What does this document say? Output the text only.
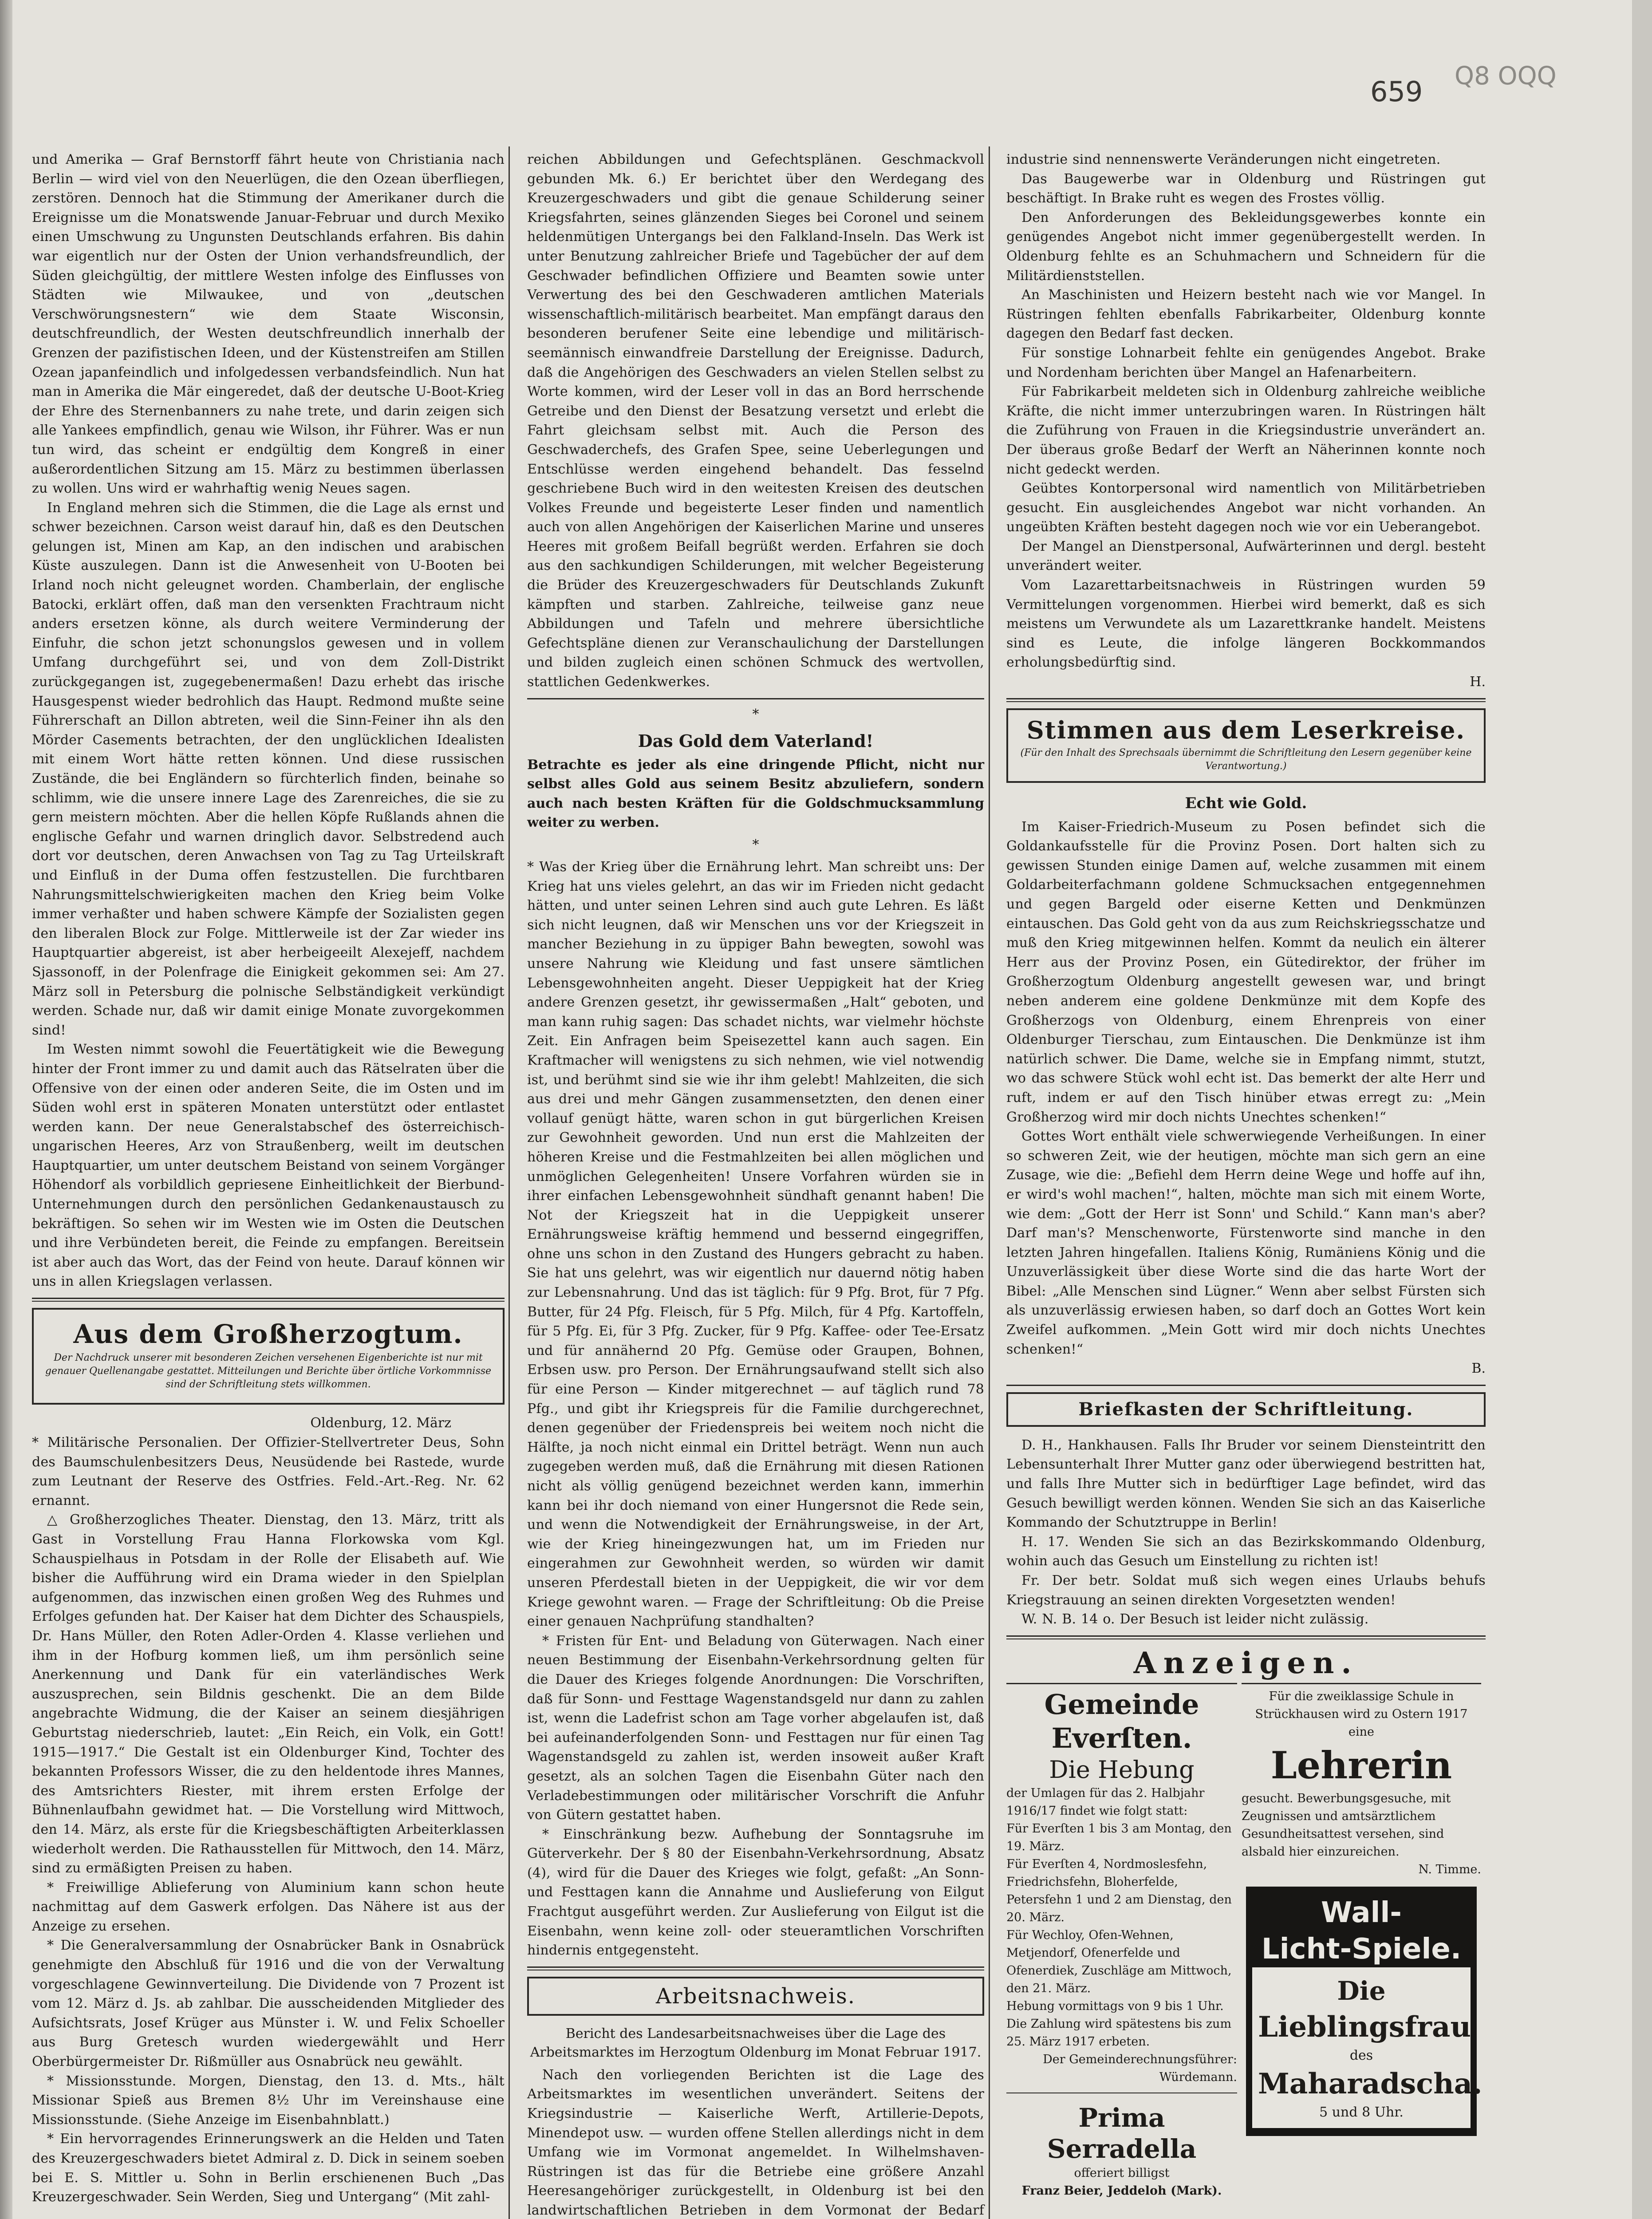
659 Q8 OQQ

und Amerika — Graf Bernstorff fährt heute von Christiania nach Berlin — wird viel von den Neuerlügen, die den Ozean überfliegen, zerstören. Dennoch hat die Stimmung der Amerikaner durch die Ereignisse um die Monatswende Januar-Februar und durch Mexiko einen Umschwung zu Ungunsten Deutschlands erfahren. Bis dahin war eigentlich nur der Osten der Union verhandsfreundlich, der Süden gleichgültig, der mittlere Westen infolge des Einflusses von Städten wie Milwaukee, und von „deutschen Verschwörungsnestern“ wie dem Staate Wisconsin, deutschfreundlich, der Westen deutschfreundlich innerhalb der Grenzen der pazifistischen Ideen, und der Küstenstreifen am Stillen Ozean japanfeindlich und infolgedessen verbandsfeindlich. Nun hat man in Amerika die Mär eingeredet, daß der deutsche U-Boot-Krieg der Ehre des Sternenbanners zu nahe trete, und darin zeigen sich alle Yankees empfindlich, genau wie Wilson, ihr Führer. Was er nun tun wird, das scheint er endgültig dem Kongreß in einer außerordentlichen Sitzung am 15. März zu bestimmen überlassen zu wollen. Uns wird er wahrhaftig wenig Neues sagen.

In England mehren sich die Stimmen, die die Lage als ernst und schwer bezeichnen. Carson weist darauf hin, daß es den Deutschen gelungen ist, Minen am Kap, an den indischen und arabischen Küste auszulegen. Dann ist die Anwesenheit von U-Booten bei Irland noch nicht geleugnet worden. Chamberlain, der englische Batocki, erklärt offen, daß man den versenkten Frachtraum nicht anders ersetzen könne, als durch weitere Verminderung der Einfuhr, die schon jetzt schonungslos gewesen und in vollem Umfang durchgeführt sei, und von dem Zoll-Distrikt zurückgegangen ist, zugegebenermaßen! Dazu erhebt das irische Hausgespenst wieder bedrohlich das Haupt. Redmond mußte seine Führerschaft an Dillon abtreten, weil die Sinn-Feiner ihn als den Mörder Casements betrachten, der den unglücklichen Idealisten mit einem Wort hätte retten können. Und diese russischen Zustände, die bei Engländern so fürchterlich finden, beinahe so schlimm, wie die unsere innere Lage des Zarenreiches, die sie zu gern meistern möchten. Aber die hellen Köpfe Rußlands ahnen die englische Gefahr und warnen dringlich davor. Selbstredend auch dort vor deutschen, deren Anwachsen von Tag zu Tag Urteilskraft und Einfluß in der Duma offen festzustellen. Die furchtbaren Nahrungsmittelschwierigkeiten machen den Krieg beim Volke immer verhaßter und haben schwere Kämpfe der Sozialisten gegen den liberalen Block zur Folge. Mittlerweile ist der Zar wieder ins Hauptquartier abgereist, ist aber herbeigeeilt Alexejeff, nachdem Sjassonoff, in der Polenfrage die Einigkeit gekommen sei: Am 27. März soll in Petersburg die polnische Selbständigkeit verkündigt werden. Schade nur, daß wir damit einige Monate zuvorgekommen sind!

Im Westen nimmt sowohl die Feuertätigkeit wie die Bewegung hinter der Front immer zu und damit auch das Rätselraten über die Offensive von der einen oder anderen Seite, die im Osten und im Süden wohl erst in späteren Monaten unterstützt oder entlastet werden kann. Der neue Generalstabschef des österreichisch-ungarischen Heeres, Arz von Straußenberg, weilt im deutschen Hauptquartier, um unter deutschem Beistand von seinem Vorgänger Höhendorf als vorbildlich gepriesene Einheitlichkeit der Bierbund-Unternehmungen durch den persönlichen Gedankenaustausch zu bekräftigen. So sehen wir im Westen wie im Osten die Deutschen und ihre Verbündeten bereit, die Feinde zu empfangen. Bereitsein ist aber auch das Wort, das der Feind von heute. Darauf können wir uns in allen Kriegslagen verlassen.

Aus dem Großherzogtum.
Der Nachdruck unserer mit besonderen Zeichen versehenen Eigenberichte ist nur mit genauer Quellenangabe gestattet. Mitteilungen und Berichte über örtliche Vorkommnisse sind der Schriftleitung stets willkommen.
Oldenburg, 12. März

* Militärische Personalien. Der Offizier-Stellvertreter Deus, Sohn des Baumschulenbesitzers Deus, Neusüdende bei Rastede, wurde zum Leutnant der Reserve des Ostfries. Feld.-Art.-Reg. Nr. 62 ernannt.

△ Großherzogliches Theater. Dienstag, den 13. März, tritt als Gast in Vorstellung Frau Hanna Florkowska vom Kgl. Schauspielhaus in Potsdam in der Rolle der Elisabeth auf. Wie bisher die Aufführung wird ein Drama wieder in den Spielplan aufgenommen, das inzwischen einen großen Weg des Ruhmes und Erfolges gefunden hat. Der Kaiser hat dem Dichter des Schauspiels, Dr. Hans Müller, den Roten Adler-Orden 4. Klasse verliehen und ihm in der Hofburg kommen ließ, um ihm persönlich seine Anerkennung und Dank für ein vaterländisches Werk auszusprechen, sein Bildnis geschenkt. Die an dem Bilde angebrachte Widmung, die der Kaiser an seinem diesjährigen Geburtstag niederschrieb, lautet: „Ein Reich, ein Volk, ein Gott! 1915—1917.“ Die Gestalt ist ein Oldenburger Kind, Tochter des bekannten Professors Wisser, die zu den heldentode ihres Mannes, des Amtsrichters Riester, mit ihrem ersten Erfolge der Bühnenlaufbahn gewidmet hat. — Die Vorstellung wird Mittwoch, den 14. März, als erste für die Kriegsbeschäftigten Arbeiterklassen wiederholt werden. Die Rathausstellen für Mittwoch, den 14. März, sind zu ermäßigten Preisen zu haben.

* Freiwillige Ablieferung von Aluminium kann schon heute nachmittag auf dem Gaswerk erfolgen. Das Nähere ist aus der Anzeige zu ersehen.

* Die Generalversammlung der Osnabrücker Bank in Osnabrück genehmigte den Abschluß für 1916 und die von der Verwaltung vorgeschlagene Gewinnverteilung. Die Dividende von 7 Prozent ist vom 12. März d. Js. ab zahlbar. Die ausscheidenden Mitglieder des Aufsichtsrats, Josef Krüger aus Münster i. W. und Felix Schoeller aus Burg Gretesch wurden wiedergewählt und Herr Oberbürgermeister Dr. Rißmüller aus Osnabrück neu gewählt.

* Missionsstunde. Morgen, Dienstag, den 13. d. Mts., hält Missionar Spieß aus Bremen 8½ Uhr im Vereinshause eine Missionsstunde. (Siehe Anzeige im Eisenbahnblatt.)

* Ein hervorragendes Erinnerungswerk an die Helden und Taten des Kreuzergeschwaders bietet Admiral z. D. Dick in seinem soeben bei E. S. Mittler u. Sohn in Berlin erschienenen Buch „Das Kreuzergeschwader. Sein Werden, Sieg und Untergang“ (Mit zahl-

reichen Abbildungen und Gefechtsplänen. Geschmackvoll gebunden Mk. 6.) Er berichtet über den Werdegang des Kreuzergeschwaders und gibt die genaue Schilderung seiner Kriegsfahrten, seines glänzenden Sieges bei Coronel und seinem heldenmütigen Untergangs bei den Falkland-Inseln. Das Werk ist unter Benutzung zahlreicher Briefe und Tagebücher der auf dem Geschwader befindlichen Offiziere und Beamten sowie unter Verwertung des bei den Geschwaderen amtlichen Materials wissenschaftlich-militärisch bearbeitet. Man empfängt daraus den besonderen berufener Seite eine lebendige und militärisch-seemännisch einwandfreie Darstellung der Ereignisse. Dadurch, daß die Angehörigen des Geschwaders an vielen Stellen selbst zu Worte kommen, wird der Leser voll in das an Bord herrschende Getreibe und den Dienst der Besatzung versetzt und erlebt die Fahrt gleichsam selbst mit. Auch die Person des Geschwaderchefs, des Grafen Spee, seine Ueberlegungen und Entschlüsse werden eingehend behandelt. Das fesselnd geschriebene Buch wird in den weitesten Kreisen des deutschen Volkes Freunde und begeisterte Leser finden und namentlich auch von allen Angehörigen der Kaiserlichen Marine und unseres Heeres mit großem Beifall begrüßt werden. Erfahren sie doch aus den sachkundigen Schilderungen, mit welcher Begeisterung die Brüder des Kreuzergeschwaders für Deutschlands Zukunft kämpften und starben. Zahlreiche, teilweise ganz neue Abbildungen und Tafeln und mehrere übersichtliche Gefechtspläne dienen zur Veranschaulichung der Darstellungen und bilden zugleich einen schönen Schmuck des wertvollen, stattlichen Gedenkwerkes.

*
Das Gold dem Vaterland!

Betrachte es jeder als eine dringende Pflicht, nicht nur selbst alles Gold aus seinem Besitz abzuliefern, sondern auch nach besten Kräften für die Goldschmucksammlung weiter zu werben.

*

* Was der Krieg über die Ernährung lehrt. Man schreibt uns: Der Krieg hat uns vieles gelehrt, an das wir im Frieden nicht gedacht hätten, und unter seinen Lehren sind auch gute Lehren. Es läßt sich nicht leugnen, daß wir Menschen uns vor der Kriegszeit in mancher Beziehung in zu üppiger Bahn bewegten, sowohl was unsere Nahrung wie Kleidung und fast unsere sämtlichen Lebensgewohnheiten angeht. Dieser Ueppigkeit hat der Krieg andere Grenzen gesetzt, ihr gewissermaßen „Halt“ geboten, und man kann ruhig sagen: Das schadet nichts, war vielmehr höchste Zeit. Ein Anfragen beim Speisezettel kann auch sagen. Ein Kraftmacher will wenigstens zu sich nehmen, wie viel notwendig ist, und berühmt sind sie wie ihr ihm gelebt! Mahlzeiten, die sich aus drei und mehr Gängen zusammensetzten, den denen einer vollauf genügt hätte, waren schon in gut bürgerlichen Kreisen zur Gewohnheit geworden. Und nun erst die Mahlzeiten der höheren Kreise und die Festmahlzeiten bei allen möglichen und unmöglichen Gelegenheiten! Unsere Vorfahren würden sie in ihrer einfachen Lebensgewohnheit sündhaft genannt haben! Die Not der Kriegszeit hat in die Ueppigkeit unserer Ernährungsweise kräftig hemmend und bessernd eingegriffen, ohne uns schon in den Zustand des Hungers gebracht zu haben. Sie hat uns gelehrt, was wir eigentlich nur dauernd nötig haben zur Lebensnahrung. Und das ist täglich: für 9 Pfg. Brot, für 7 Pfg. Butter, für 24 Pfg. Fleisch, für 5 Pfg. Milch, für 4 Pfg. Kartoffeln, für 5 Pfg. Ei, für 3 Pfg. Zucker, für 9 Pfg. Kaffee- oder Tee-Ersatz und für annähernd 20 Pfg. Gemüse oder Graupen, Bohnen, Erbsen usw. pro Person. Der Ernährungsaufwand stellt sich also für eine Person — Kinder mitgerechnet — auf täglich rund 78 Pfg., und gibt ihr Kriegspreis für die Familie durchgerechnet, denen gegenüber der Friedenspreis bei weitem noch nicht die Hälfte, ja noch nicht einmal ein Drittel beträgt. Wenn nun auch zugegeben werden muß, daß die Ernährung mit diesen Rationen nicht als völlig genügend bezeichnet werden kann, immerhin kann bei ihr doch niemand von einer Hungersnot die Rede sein, und wenn die Notwendigkeit der Ernährungsweise, in der Art, wie der Krieg hineingezwungen hat, um im Frieden nur eingerahmen zur Gewohnheit werden, so würden wir damit unseren Pferdestall bieten in der Ueppigkeit, die wir vor dem Kriege gewohnt waren. — Frage der Schriftleitung: Ob die Preise einer genauen Nachprüfung standhalten?

* Fristen für Ent- und Beladung von Güterwagen. Nach einer neuen Bestimmung der Eisenbahn-Verkehrsordnung gelten für die Dauer des Krieges folgende Anordnungen: Die Vorschriften, daß für Sonn- und Festtage Wagenstandsgeld nur dann zu zahlen ist, wenn die Ladefrist schon am Tage vorher abgelaufen ist, daß bei aufeinanderfolgenden Sonn- und Festtagen nur für einen Tag Wagenstandsgeld zu zahlen ist, werden insoweit außer Kraft gesetzt, als an solchen Tagen die Eisenbahn Güter nach den Verladebestimmungen oder militärischer Vorschrift die Anfuhr von Gütern gestattet haben.

* Einschränkung bezw. Aufhebung der Sonntagsruhe im Güterverkehr. Der § 80 der Eisenbahn-Verkehrsordnung, Absatz (4), wird für die Dauer des Krieges wie folgt, gefaßt: „An Sonn- und Festtagen kann die Annahme und Auslieferung von Eilgut Frachtgut ausgeführt werden. Zur Auslieferung von Eilgut ist die Eisenbahn, wenn keine zoll- oder steueramtlichen Vorschriften hindernis entgegensteht.

Arbeitsnachweis.
Bericht des Landesarbeitsnachweises über die Lage des Arbeitsmarktes im Herzogtum Oldenburg im Monat Februar 1917.

Nach den vorliegenden Berichten ist die Lage des Arbeitsmarktes im wesentlichen unverändert. Seitens der Kriegsindustrie — Kaiserliche Werft, Artillerie-Depots, Minendepot usw. — wurden offene Stellen allerdings nicht in dem Umfang wie im Vormonat angemeldet. In Wilhelmshaven-Rüstringen ist das für die Betriebe eine größere Anzahl Heeresangehöriger zurückgestellt, in Oldenburg ist bei den landwirtschaftlichen Betrieben in dem Vormonat der Bedarf

industrie sind nennenswerte Veränderungen nicht eingetreten.

Das Baugewerbe war in Oldenburg und Rüstringen gut beschäftigt. In Brake ruht es wegen des Frostes völlig.

Den Anforderungen des Bekleidungsgewerbes konnte ein genügendes Angebot nicht immer gegenübergestellt werden. In Oldenburg fehlte es an Schuhmachern und Schneidern für die Militärdienststellen.

An Maschinisten und Heizern besteht nach wie vor Mangel. In Rüstringen fehlten ebenfalls Fabrikarbeiter, Oldenburg konnte dagegen den Bedarf fast decken.

Für sonstige Lohnarbeit fehlte ein genügendes Angebot. Brake und Nordenham berichten über Mangel an Hafenarbeitern.

Für Fabrikarbeit meldeten sich in Oldenburg zahlreiche weibliche Kräfte, die nicht immer unterzubringen waren. In Rüstringen hält die Zuführung von Frauen in die Kriegsindustrie unverändert an. Der überaus große Bedarf der Werft an Näherinnen konnte noch nicht gedeckt werden.

Geübtes Kontorpersonal wird namentlich von Militärbetrieben gesucht. Ein ausgleichendes Angebot war nicht vorhanden. An ungeübten Kräften besteht dagegen noch wie vor ein Ueberangebot.

Der Mangel an Dienstpersonal, Aufwärterinnen und dergl. besteht unverändert weiter.

Vom Lazarettarbeitsnachweis in Rüstringen wurden 59 Vermittelungen vorgenommen. Hierbei wird bemerkt, daß es sich meistens um Verwundete als um Lazarettkranke handelt. Meistens sind es Leute, die infolge längeren Bockkommandos erholungsbedürftig sind.

H.

Stimmen aus dem Leserkreise.
(Für den Inhalt des Sprechsaals übernimmt die Schriftleitung den Lesern gegenüber keine Verantwortung.)
Echt wie Gold.

Im Kaiser-Friedrich-Museum zu Posen befindet sich die Goldankaufsstelle für die Provinz Posen. Dort halten sich zu gewissen Stunden einige Damen auf, welche zusammen mit einem Goldarbeiterfachmann goldene Schmucksachen entgegennehmen und gegen Bargeld oder eiserne Ketten und Denkmünzen eintauschen. Das Gold geht von da aus zum Reichskriegsschatze und muß den Krieg mitgewinnen helfen. Kommt da neulich ein älterer Herr aus der Provinz Posen, ein Gütedirektor, der früher im Großherzogtum Oldenburg angestellt gewesen war, und bringt neben anderem eine goldene Denkmünze mit dem Kopfe des Großherzogs von Oldenburg, einem Ehrenpreis von einer Oldenburger Tierschau, zum Eintauschen. Die Denkmünze ist ihm natürlich schwer. Die Dame, welche sie in Empfang nimmt, stutzt, wo das schwere Stück wohl echt ist. Das bemerkt der alte Herr und ruft, indem er auf den Tisch hinüber etwas erregt zu: „Mein Großherzog wird mir doch nichts Unechtes schenken!“

Gottes Wort enthält viele schwerwiegende Verheißungen. In einer so schweren Zeit, wie der heutigen, möchte man sich gern an eine Zusage, wie die: „Befiehl dem Herrn deine Wege und hoffe auf ihn, er wird's wohl machen!“, halten, möchte man sich mit einem Worte, wie dem: „Gott der Herr ist Sonn' und Schild.“ Kann man's aber? Darf man's? Menschenworte, Fürstenworte sind manche in den letzten Jahren hingefallen. Italiens König, Rumäniens König und die Unzuverlässigkeit über diese Worte sind die das harte Wort der Bibel: „Alle Menschen sind Lügner.“ Wenn aber selbst Fürsten sich als unzuverlässig erwiesen haben, so darf doch an Gottes Wort kein Zweifel aufkommen. „Mein Gott wird mir doch nichts Unechtes schenken!“

B.

Briefkasten der Schriftleitung.

D. H., Hankhausen. Falls Ihr Bruder vor seinem Diensteintritt den Lebensunterhalt Ihrer Mutter ganz oder überwiegend bestritten hat, und falls Ihre Mutter sich in bedürftiger Lage befindet, wird das Gesuch bewilligt werden können. Wenden Sie sich an das Kaiserliche Kommando der Schutztruppe in Berlin!

H. 17. Wenden Sie sich an das Bezirkskommando Oldenburg, wohin auch das Gesuch um Einstellung zu richten ist!

Fr. Der betr. Soldat muß sich wegen eines Urlaubs behufs Kriegstrauung an seinen direkten Vorgesetzten wenden!

W. N. B. 14 o. Der Besuch ist leider nicht zulässig.

Anzeigen.
Gemeinde Everſten.
Die Hebung
der Umlagen für das 2. Halbjahr 1916/17 findet wie folgt statt:
Für Everſten 1 bis 3 am Montag, den 19. März.
Für Everſten 4, Nordmoslesfehn, Friedrichsfehn, Bloherfelde, Petersfehn 1 und 2 am Dienstag, den 20. März.
Für Wechloy, Ofen-Wehnen, Metjendorf, Ofenerfelde und Ofenerdiek, Zuschläge am Mittwoch, den 21. März.
Hebung vormittags von 9 bis 1 Uhr. Die Zahlung wird spätestens bis zum 25. März 1917 erbeten.
Der Gemeinderechnungsführer: Würdemann.
Prima Serradella
offeriert billigst
Franz Beier, Jeddeloh (Mark).
Für die zweiklassige Schule in Strückhausen wird zu Ostern 1917 eine
Lehrerin
gesucht. Bewerbungsgesuche, mit Zeugnissen und amtsärztlichem Gesundheitsattest versehen, sind alsbald hier einzureichen.
N. Timme.
Wall-
Licht-Spiele.
Die
Lieblingsfrau
des
Maharadscha.
5 und 8 Uhr.
